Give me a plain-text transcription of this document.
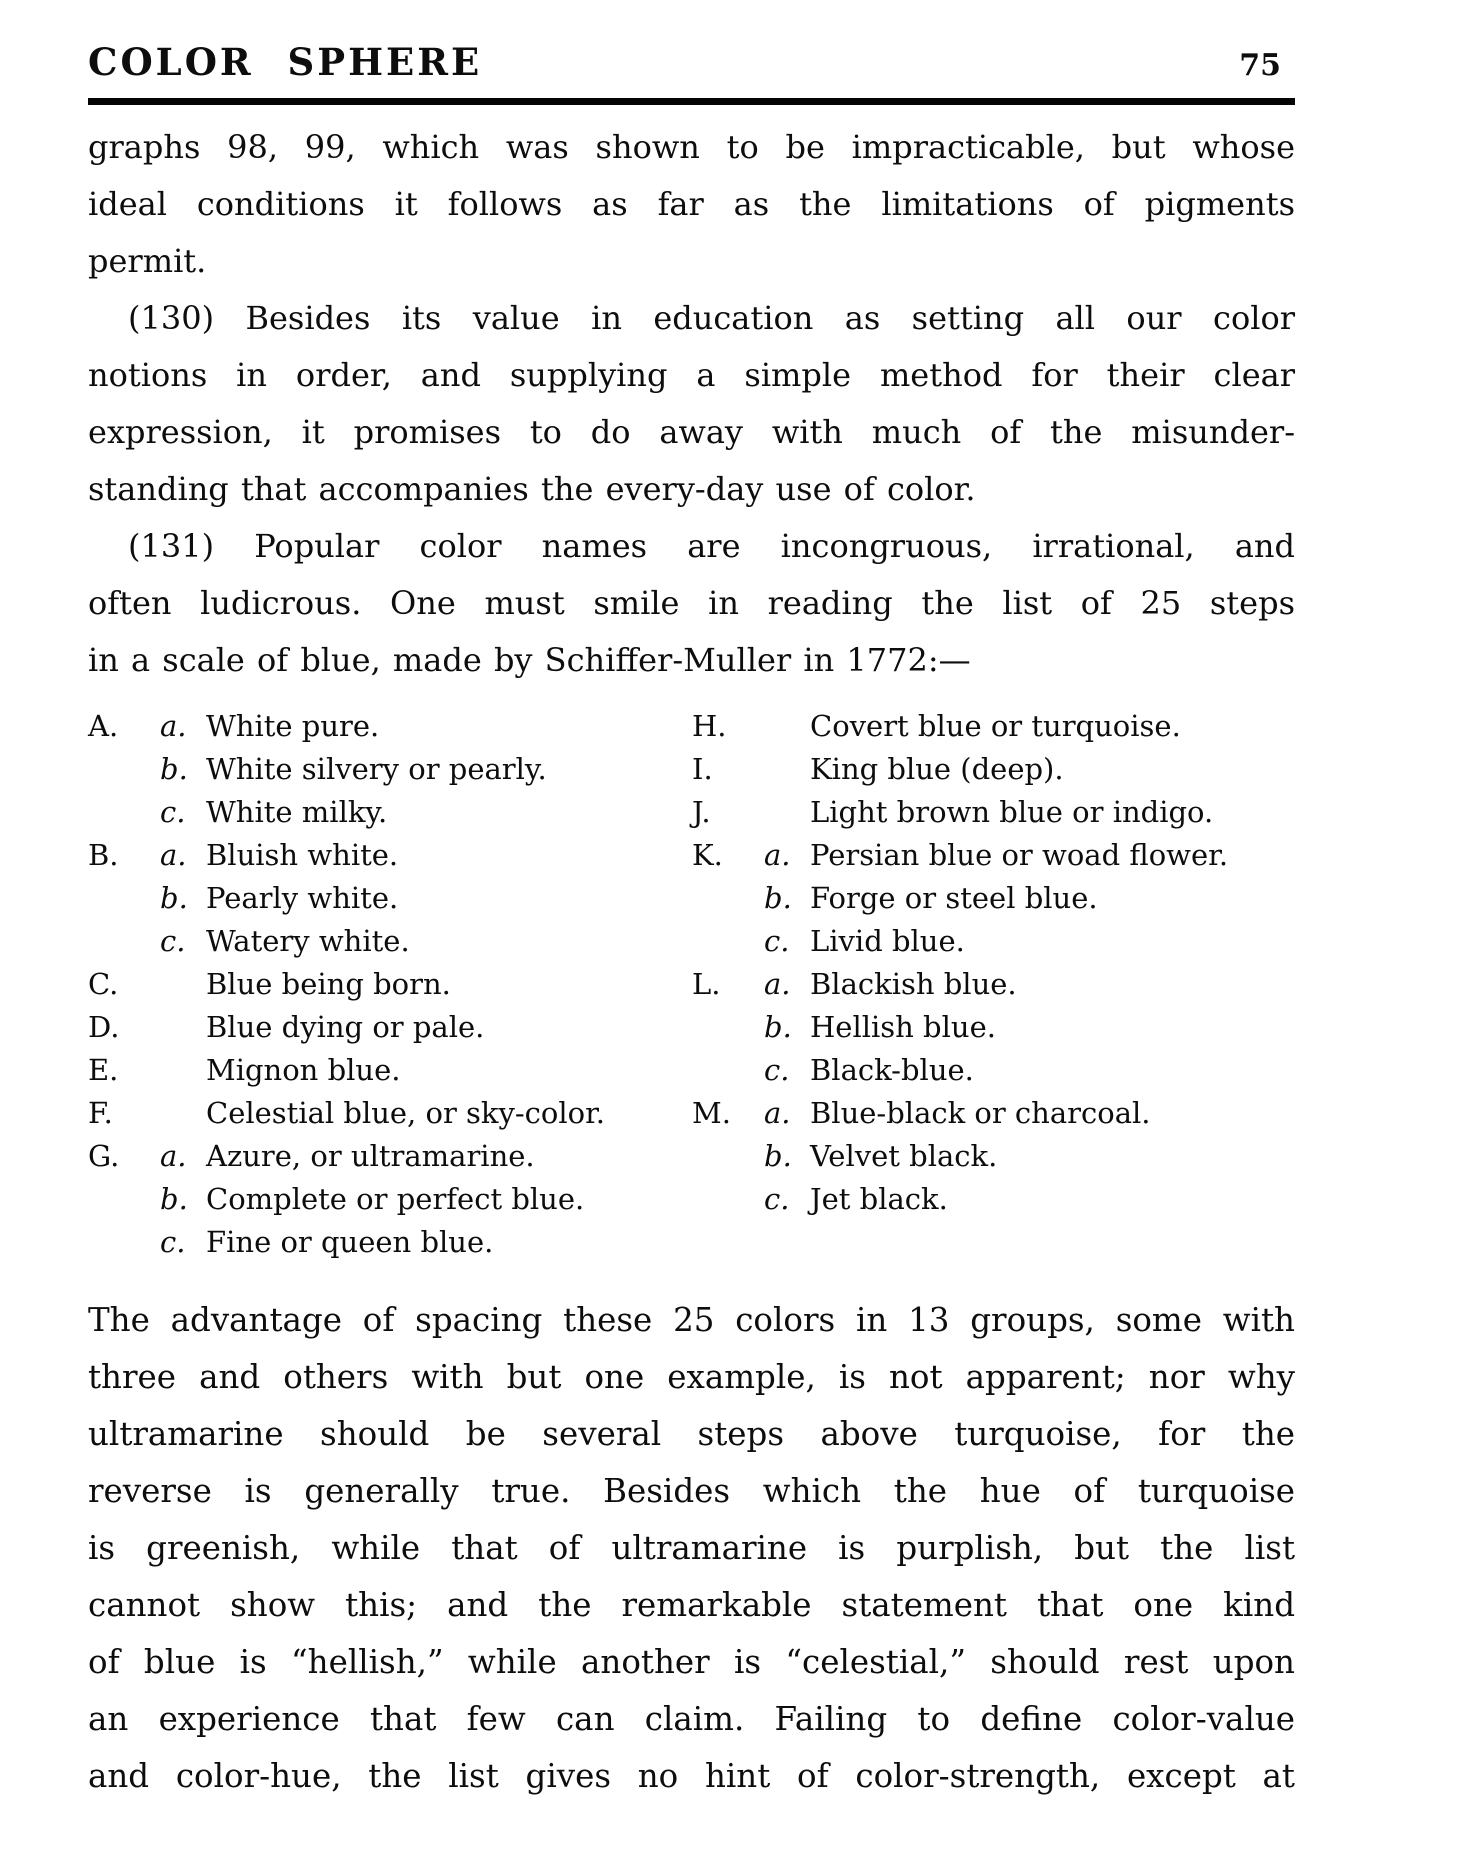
COLOR SPHERE	75
graphs 98, 99, which was shown to be impracticable, but whose
ideal conditions it follows as far as the limitations of pigments
permit.
(130) Besides its value in education as setting all our color
notions in order, and supplying a simple method for their clear
expression, it promises to do away with much of the misunder-
standing that accompanies the every-day use of color.
(131) Popular color names are incongruous, irrational, and
often ludicrous. One must smile in reading the list of 25 steps
in a scale of blue, made by Schiffer-Muller in 1772:—
A.	a. White pure.
b. White silvery or pearly.
c. White milky.
B.	a. Bluish white.
b. Pearly white.
c. Watery white.
C.	Blue being born.
D.	Blue dying or pale.
E.	Mignon blue.
F.	Celestial blue, or sky-color.
G.	a. Azure, or ultramarine.
b. Complete or perfect blue.
c. Fine or queen blue.
H.	Covert blue or turquoise.
I.	King blue (deep).
J.	Light brown blue or indigo.
K.	a. Persian blue or woad flower.
b. Forge or steel blue.
c. Livid blue.
L.	a. Blackish blue.
b. Hellish blue.
c. Black-blue.
M.	a. Blue-black or charcoal.
b. Velvet black.
c. Jet black.
The advantage of spacing these 25 colors in 13 groups, some with
three and others with but one example, is not apparent; nor why
ultramarine should be several steps above turquoise, for the
reverse is generally true. Besides which the hue of turquoise
is greenish, while that of ultramarine is purplish, but the list
cannot show this; and the remarkable statement that one kind
of blue is “hellish,” while another is “celestial,” should rest upon
an experience that few can claim. Failing to define color-value
and color-hue, the list gives no hint of color-strength, except at
